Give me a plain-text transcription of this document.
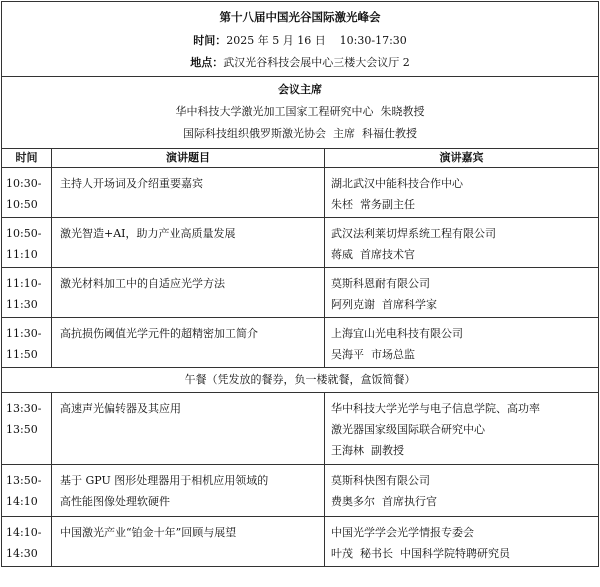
第十八届中国光谷国际激光峰会
时间：2025 年 5 月 16 日    10:30-17:30
地点：武汉光谷科技会展中心三楼大会议厅 2		

会议主席
华中科技大学激光加工国家工程研究中心  朱晓教授
国际科技组织俄罗斯激光协会  主席  科福仕教授		

时间	演讲题目	演讲嘉宾

10:30-
10:50	主持人开场词及介绍重要嘉宾	湖北武汉中能科技合作中心
朱柸  常务副主任

10:50-
11:10	激光智造+AI，助力产业高质量发展	武汉法利莱切焊系统工程有限公司
蒋威  首席技术官

11:10-
11:30	激光材料加工中的自适应光学方法	莫斯科恩耐有限公司
阿列克谢  首席科学家

11:30-
11:50	高抗损伤阈值光学元件的超精密加工简介	上海宜山光电科技有限公司
吴海平  市场总监

午餐（凭发放的餐券，负一楼就餐，盒饭简餐）		

13:30-
13:50	高速声光偏转器及其应用	华中科技大学光学与电子信息学院、高功率
激光器国家级国际联合研究中心
王海林  副教授

13:50-
14:10	基于 GPU 图形处理器用于相机应用领域的
高性能图像处理软硬件	莫斯科快图有限公司
费奥多尔  首席执行官

14:10-
14:30	中国激光产业“铂金十年”回顾与展望	中国光学学会光学情报专委会
叶茂  秘书长  中国科学院特聘研究员
